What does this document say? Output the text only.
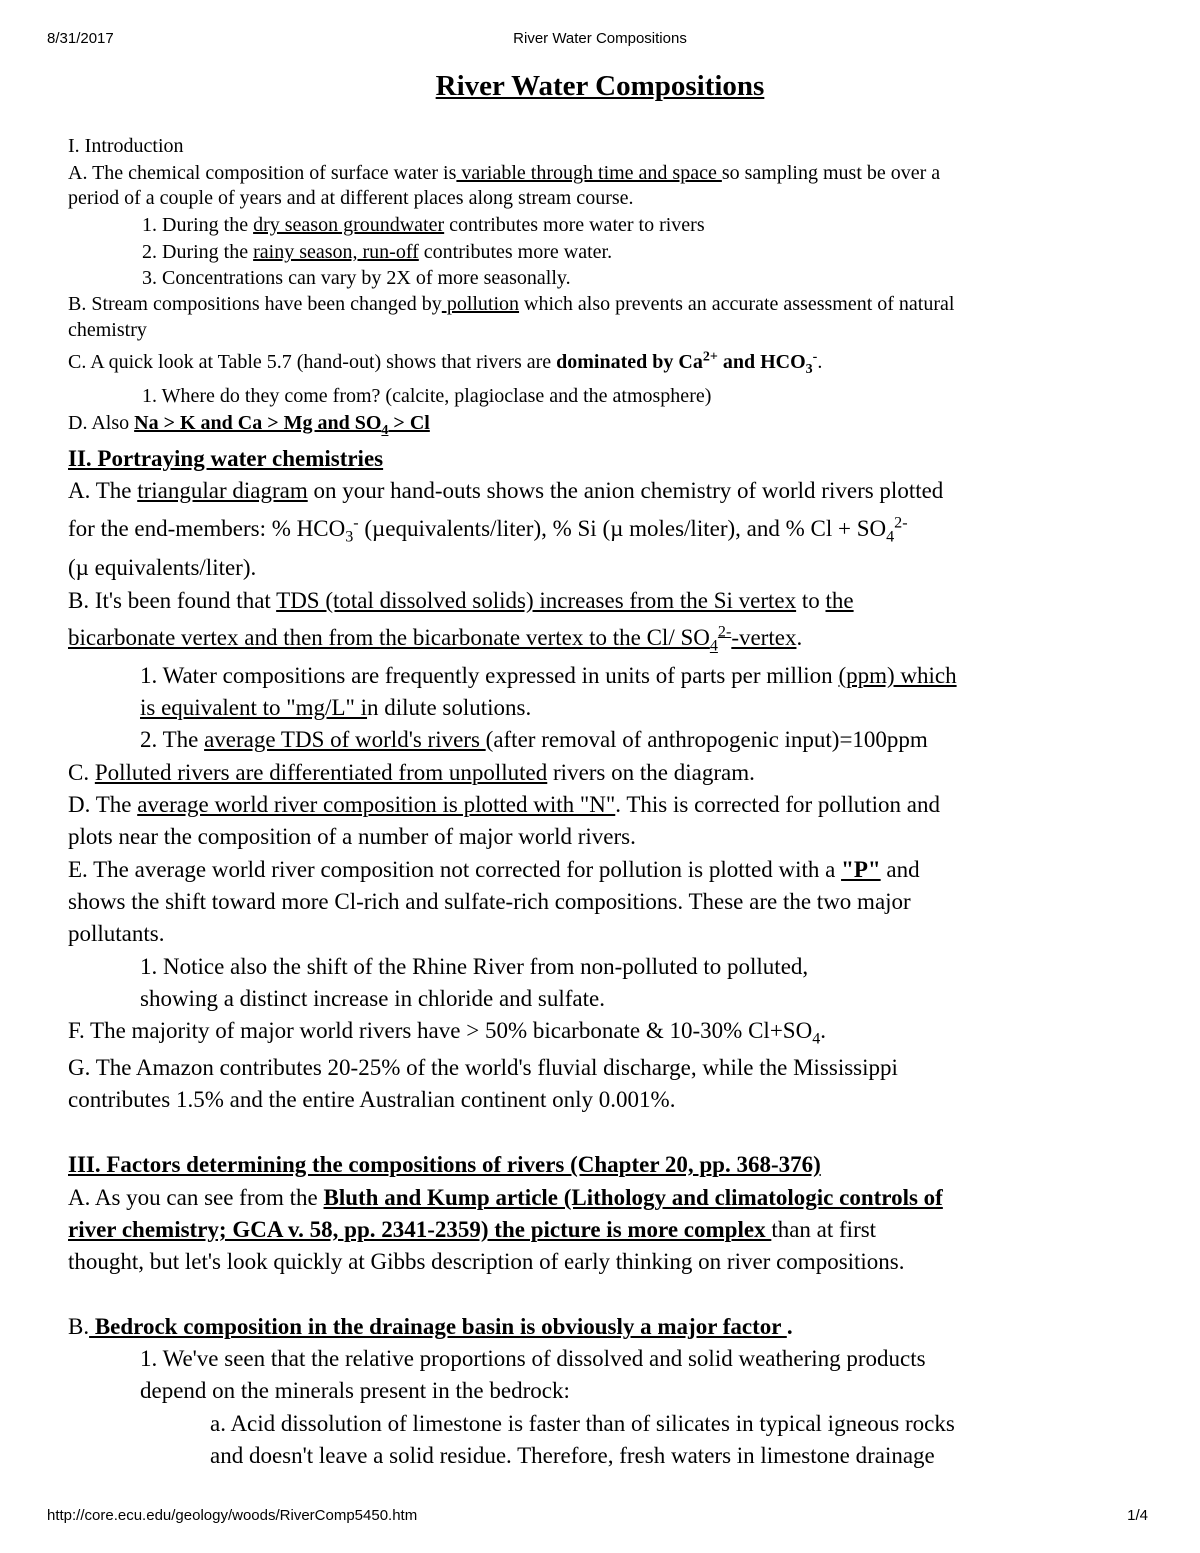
8/31/2017	River Water Compositions
River Water Compositions
I. Introduction
A. The chemical composition of surface water is variable through time and space so sampling must be over a
period of a couple of years and at different places along stream course.
1. During the dry season groundwater contributes more water to rivers
2. During the rainy season, run-off contributes more water.
3. Concentrations can vary by 2X of more seasonally.
B. Stream compositions have been changed by pollution which also prevents an accurate assessment of natural
chemistry
C. A quick look at Table 5.7 (hand-out) shows that rivers are dominated by $Ca^{2+}$ and $HCO_3^-$.
1. Where do they come from? (calcite, plagioclase and the atmosphere)
D. Also Na > K and Ca > Mg and $SO_4 > Cl$
II. Portraying water chemistries
A. The triangular diagram on your hand-outs shows the anion chemistry of world rivers plotted
for the end-members: % $HCO_3^-$ (µequivalents/liter), % Si (µ moles/liter), and % $Cl + SO_4^{2-}$
(µ equivalents/liter).
B. It's been found that TDS (total dissolved solids) increases from the Si vertex to the
bicarbonate vertex and then from the bicarbonate vertex to the Cl/ $SO_4^{2-}$-vertex.
1. Water compositions are frequently expressed in units of parts per million (ppm) which
is equivalent to "mg/L" in dilute solutions.
2. The average TDS of world's rivers (after removal of anthropogenic input)=100ppm
C. Polluted rivers are differentiated from unpolluted rivers on the diagram.
D. The average world river composition is plotted with "N". This is corrected for pollution and
plots near the composition of a number of major world rivers.
E. The average world river composition not corrected for pollution is plotted with a "P" and
shows the shift toward more Cl-rich and sulfate-rich compositions. These are the two major
pollutants.
1. Notice also the shift of the Rhine River from non-polluted to polluted,
showing a distinct increase in chloride and sulfate.
F. The majority of major world rivers have > 50% bicarbonate & 10-30% $Cl+SO_4$.
G. The Amazon contributes 20-25% of the world's fluvial discharge, while the Mississippi
contributes 1.5% and the entire Australian continent only 0.001%.
III. Factors determining the compositions of rivers (Chapter 20, pp. 368-376)
A. As you can see from the Bluth and Kump article (Lithology and climatologic controls of
river chemistry; GCA v. 58, pp. 2341-2359) the picture is more complex than at first
thought, but let's look quickly at Gibbs description of early thinking on river compositions.
B. Bedrock composition in the drainage basin is obviously a major factor .
1. We've seen that the relative proportions of dissolved and solid weathering products
depend on the minerals present in the bedrock:
a. Acid dissolution of limestone is faster than of silicates in typical igneous rocks
and doesn't leave a solid residue. Therefore, fresh waters in limestone drainage
http://core.ecu.edu/geology/woods/RiverComp5450.htm	1/4
